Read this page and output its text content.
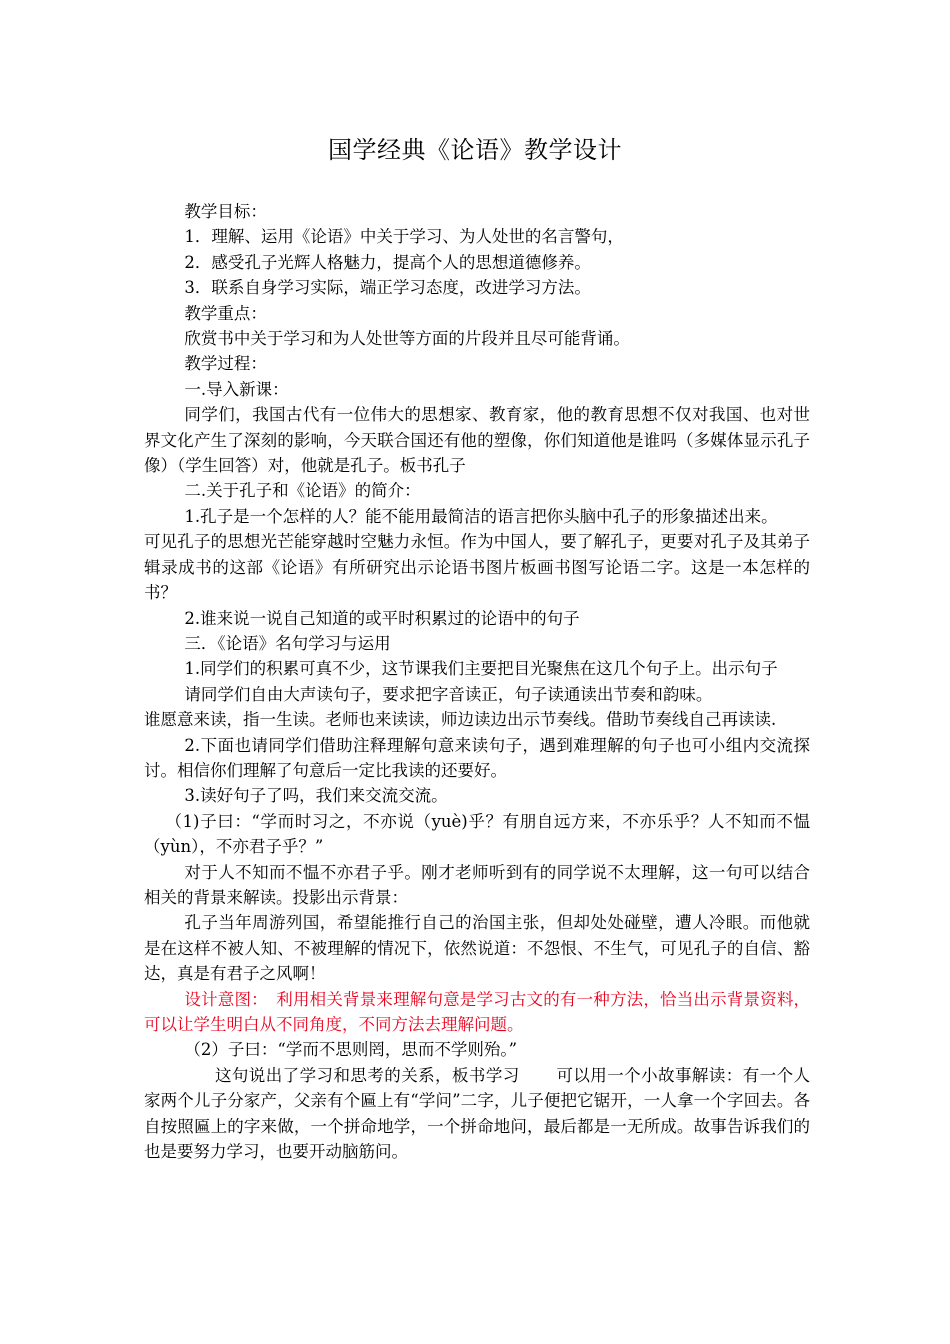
国学经典《论语》教学设计

教学目标：

1．理解、运用《论语》中关于学习、为人处世的名言警句，

2．感受孔子光辉人格魅力，提高个人的思想道德修养。

3．联系自身学习实际，端正学习态度，改进学习方法。

教学重点：

欣赏书中关于学习和为人处世等方面的片段并且尽可能背诵。

教学过程：

一.导入新课：

同学们，我国古代有一位伟大的思想家、教育家，他的教育思想不仅对我国、也对世界文化产生了深刻的影响，今天联合国还有他的塑像，你们知道他是谁吗（多媒体显示孔子像）（学生回答）对，他就是孔子。板书孔子

二.关于孔子和《论语》的简介：

1.孔子是一个怎样的人？能不能用最简洁的语言把你头脑中孔子的形象描述出来。

可见孔子的思想光芒能穿越时空魅力永恒。作为中国人，要了解孔子，更要对孔子及其弟子辑录成书的这部《论语》有所研究出示论语书图片板画书图写论语二字。这是一本怎样的书？

2.谁来说一说自己知道的或平时积累过的论语中的句子

三．《论语》名句学习与运用

1.同学们的积累可真不少，这节课我们主要把目光聚焦在这几个句子上。出示句子

请同学们自由大声读句子，要求把字音读正，句子读通读出节奏和韵味。

谁愿意来读，指一生读。老师也来读读，师边读边出示节奏线。借助节奏线自己再读读.

2.下面也请同学们借助注释理解句意来读句子，遇到难理解的句子也可小组内交流探讨。相信你们理解了句意后一定比我读的还要好。

3.读好句子了吗，我们来交流交流。

（1)子曰：“学而时习之，不亦说（yuè)乎？有朋自远方来，不亦乐乎？人不知而不愠（yùn），不亦君子乎？”

对于人不知而不愠不亦君子乎。刚才老师听到有的同学说不太理解，这一句可以结合相关的背景来解读。投影出示背景：

孔子当年周游列国，希望能推行自己的治国主张，但却处处碰壁，遭人冷眼。而他就是在这样不被人知、不被理解的情况下，依然说道：不怨恨、不生气，可见孔子的自信、豁达，真是有君子之风啊！

设计意图：　利用相关背景来理解句意是学习古文的有一种方法，恰当出示背景资料，可以让学生明白从不同角度，不同方法去理解问题。

（2）子曰：“学而不思则罔，思而不学则殆。”

这句说出了学习和思考的关系，板书学习 可以用一个小故事解读：有一个人家两个儿子分家产，父亲有个匾上有“学问”二字，儿子便把它锯开，一人拿一个字回去。各自按照匾上的字来做，一个拼命地学，一个拼命地问，最后都是一无所成。故事告诉我们的也是要努力学习，也要开动脑筋问。
